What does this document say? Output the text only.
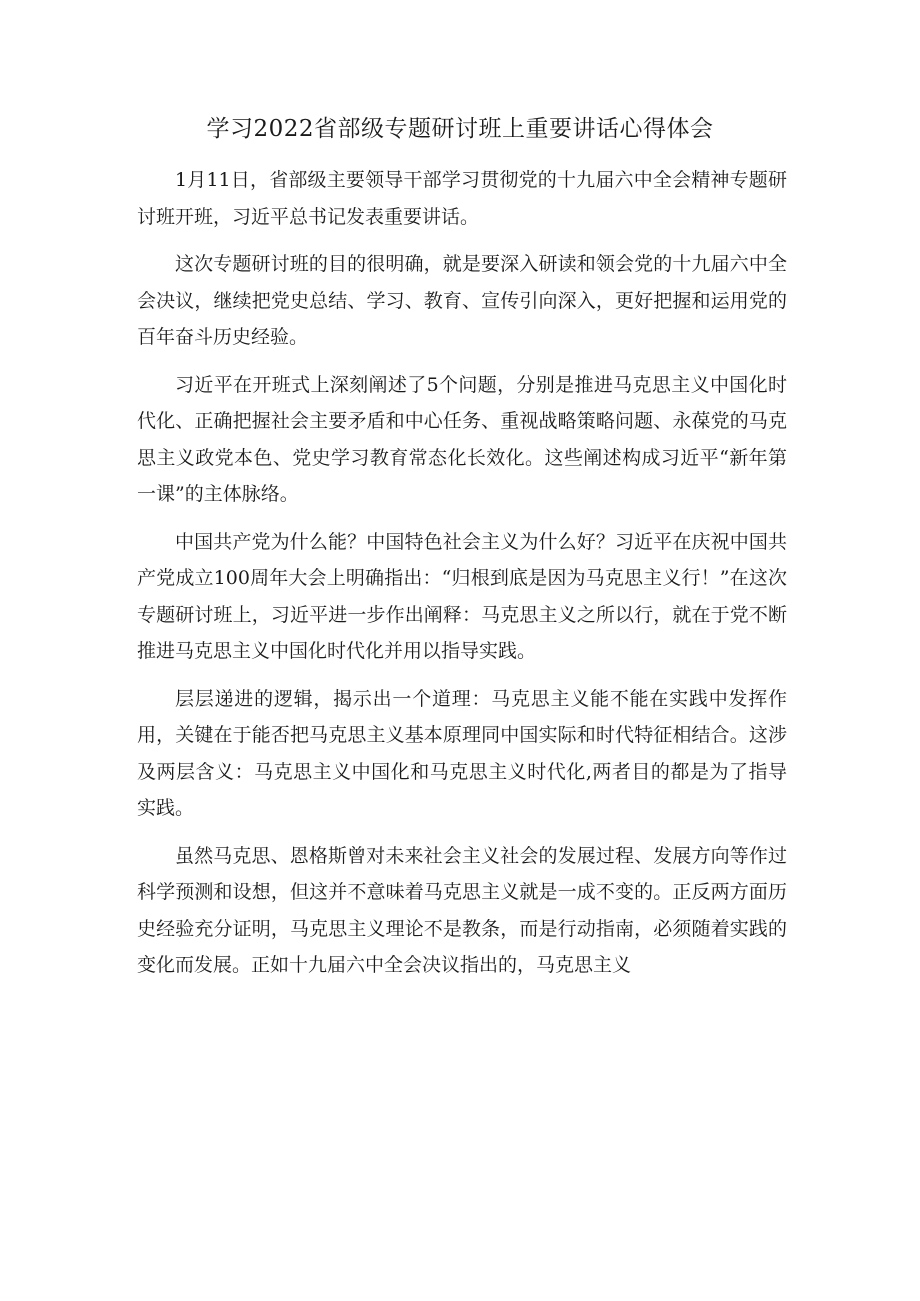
学习2022省部级专题研讨班上重要讲话心得体会

1月11日，省部级主要领导干部学习贯彻党的十九届六中全会精神专题研讨班开班，习近平总书记发表重要讲话。

这次专题研讨班的目的很明确，就是要深入研读和领会党的十九届六中全会决议，继续把党史总结、学习、教育、宣传引向深入，更好把握和运用党的百年奋斗历史经验。

习近平在开班式上深刻阐述了5个问题，分别是推进马克思主义中国化时代化、正确把握社会主要矛盾和中心任务、重视战略策略问题、永葆党的马克思主义政党本色、党史学习教育常态化长效化。这些阐述构成习近平“新年第一课”的主体脉络。

中国共产党为什么能？中国特色社会主义为什么好？习近平在庆祝中国共产党成立100周年大会上明确指出：“归根到底是因为马克思主义行！”在这次专题研讨班上，习近平进一步作出阐释：马克思主义之所以行，就在于党不断推进马克思主义中国化时代化并用以指导实践。

层层递进的逻辑，揭示出一个道理：马克思主义能不能在实践中发挥作用，关键在于能否把马克思主义基本原理同中国实际和时代特征相结合。这涉及两层含义：马克思主义中国化和马克思主义时代化,两者目的都是为了指导实践。

虽然马克思、恩格斯曾对未来社会主义社会的发展过程、发展方向等作过科学预测和设想，但这并不意味着马克思主义就是一成不变的。正反两方面历史经验充分证明，马克思主义理论不是教条，而是行动指南，必须随着实践的变化而发展。正如十九届六中全会决议指出的，马克思主义
